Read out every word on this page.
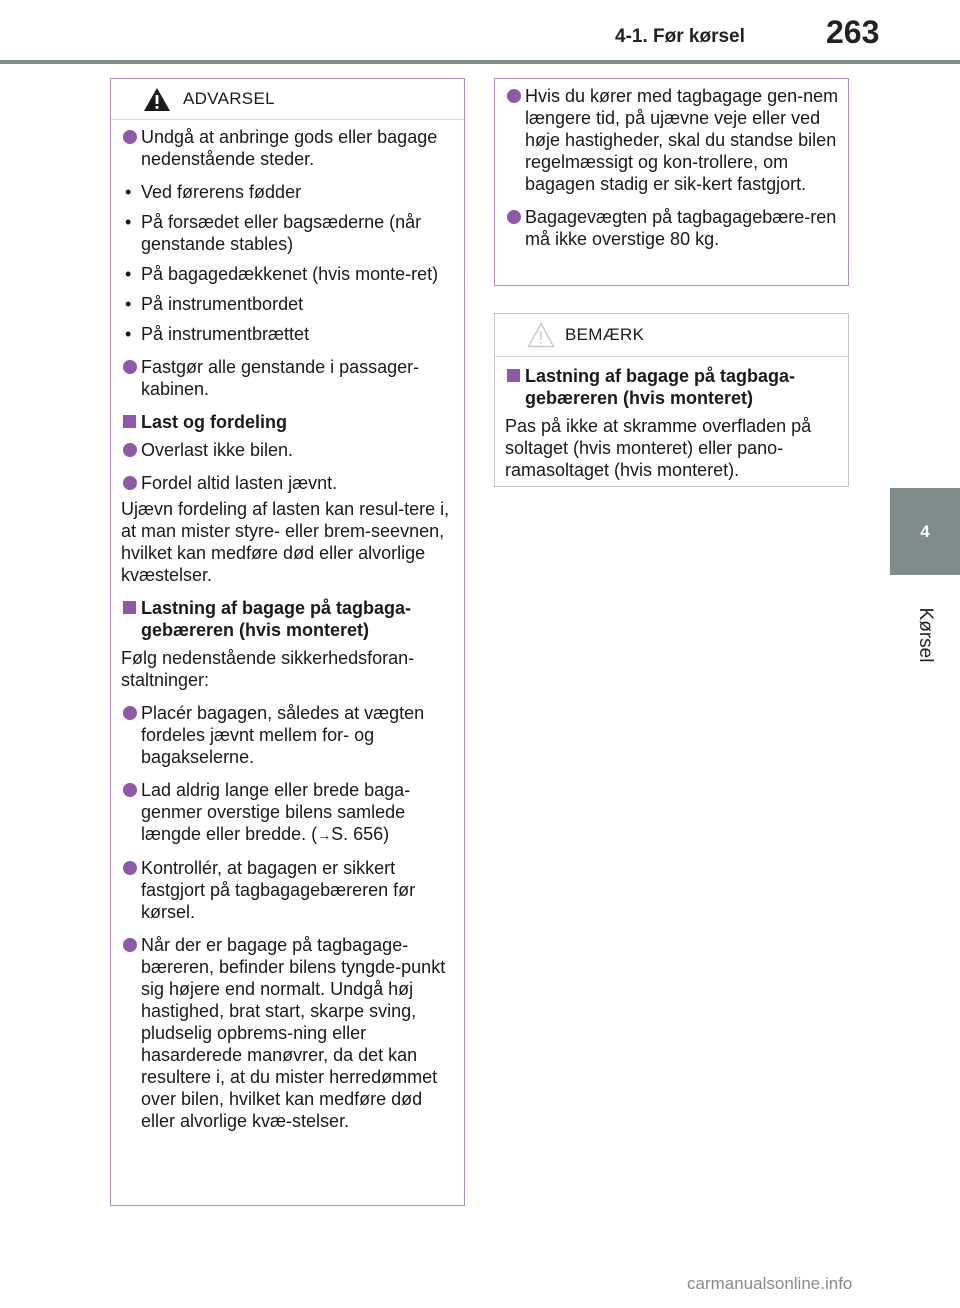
4-1. Før kørsel	263
4
Kørsel
ADVARSEL
Undgå at anbringe gods eller bagage nedenstående steder.
• Ved førerens fødder
• På forsædet eller bagsæderne (når genstande stables)
• På bagagedækkenet (hvis monte-ret)
• På instrumentbordet
• På instrumentbrættet
Fastgør alle genstande i passager-kabinen.
Last og fordeling
Overlast ikke bilen.
Fordel altid lasten jævnt.
Ujævn fordeling af lasten kan resul-tere i, at man mister styre- eller brem-seevnen, hvilket kan medføre død eller alvorlige kvæstelser.
Lastning af bagage på tagbaga-gebæreren (hvis monteret)
Følg nedenstående sikkerhedsforan-staltninger:
Placér bagagen, således at vægten fordeles jævnt mellem for- og bagakselerne.
Lad aldrig lange eller brede baga-genmer overstige bilens samlede længde eller bredde. (→S. 656)
Kontrollér, at bagagen er sikkert fastgjort på tagbagagebæreren før kørsel.
Når der er bagage på tagbagage-bæreren, befinder bilens tyngde-punkt sig højere end normalt. Undgå høj hastighed, brat start, skarpe sving, pludselig opbrems-ning eller hasarderede manøvrer, da det kan resultere i, at du mister herredømmet over bilen, hvilket kan medføre død eller alvorlige kvæ-stelser.
Hvis du kører med tagbagage gen-nem længere tid, på ujævne veje eller ved høje hastigheder, skal du standse bilen regelmæssigt og kon-trollere, om bagagen stadig er sik-kert fastgjort.
Bagagevægten på tagbagagebære-ren må ikke overstige 80 kg.
BEMÆRK
Lastning af bagage på tagbaga-gebæreren (hvis monteret)
Pas på ikke at skramme overfladen på soltaget (hvis monteret) eller pano-ramasoltaget (hvis monteret).
carmanualsonline.info
